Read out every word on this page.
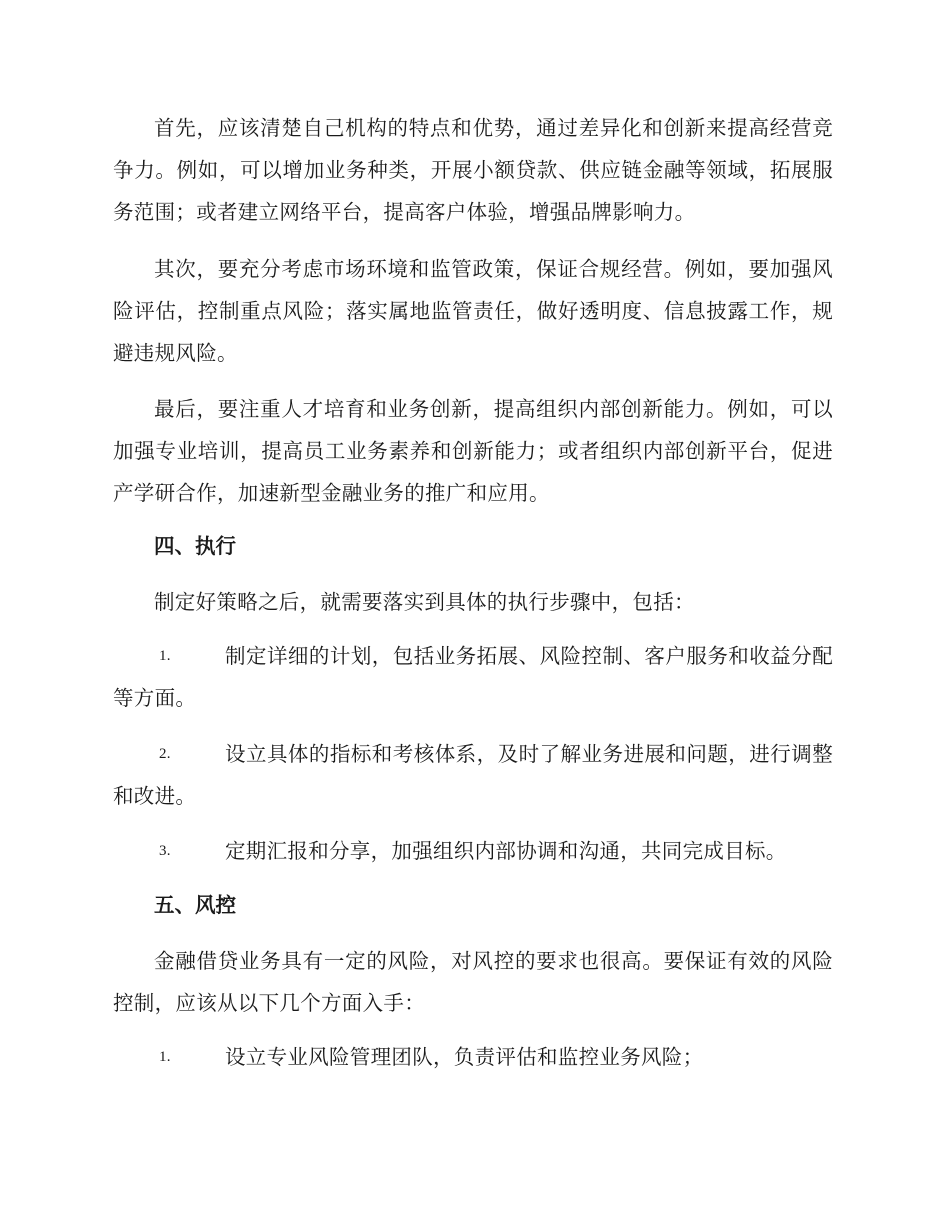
首先，应该清楚自己机构的特点和优势，通过差异化和创新来提高经营竞争力。例如，可以增加业务种类，开展小额贷款、供应链金融等领域，拓展服务范围；或者建立网络平台，提高客户体验，增强品牌影响力。

其次，要充分考虑市场环境和监管政策，保证合规经营。例如，要加强风险评估，控制重点风险；落实属地监管责任，做好透明度、信息披露工作，规避违规风险。

最后，要注重人才培育和业务创新，提高组织内部创新能力。例如，可以加强专业培训，提高员工业务素养和创新能力；或者组织内部创新平台，促进产学研合作，加速新型金融业务的推广和应用。

四、执行

制定好策略之后，就需要落实到具体的执行步骤中，包括：

1.	制定详细的计划，包括业务拓展、风险控制、客户服务和收益分配等方面。
2.	设立具体的指标和考核体系，及时了解业务进展和问题，进行调整和改进。
3.	定期汇报和分享，加强组织内部协调和沟通，共同完成目标。
五、风控

金融借贷业务具有一定的风险，对风控的要求也很高。要保证有效的风险控制，应该从以下几个方面入手：

1.	设立专业风险管理团队，负责评估和监控业务风险；
